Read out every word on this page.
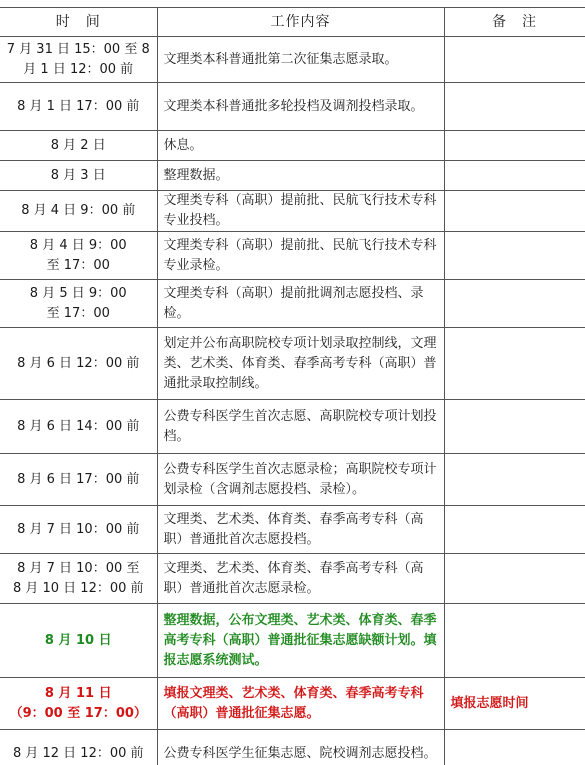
时　间	工作内容	备　注
7 月 31 日 15：00 至 8
月 1 日 12：00 前	文理类本科普通批第二次征集志愿录取。	
8 月 1 日 17：00 前	文理类本科普通批多轮投档及调剂投档录取。	
8 月 2 日	休息。	
8 月 3 日	整理数据。	
8 月 4 日 9：00 前	文理类专科（高职）提前批、民航飞行技术专科专业投档。	
8 月 4 日 9：00
至 17：00	文理类专科（高职）提前批、民航飞行技术专科专业录检。	
8 月 5 日 9：00
至 17：00	文理类专科（高职）提前批调剂志愿投档、录检。	
8 月 6 日 12：00 前	划定并公布高职院校专项计划录取控制线，文理类、艺术类、体育类、春季高考专科（高职）普通批录取控制线。	
8 月 6 日 14：00 前	公费专科医学生首次志愿、高职院校专项计划投档。	
8 月 6 日 17：00 前	公费专科医学生首次志愿录检；高职院校专项计划录检（含调剂志愿投档、录检）。	
8 月 7 日 10：00 前	文理类、艺术类、体育类、春季高考专科（高职）普通批首次志愿投档。	
8 月 7 日 10：00 至
8 月 10 日 12：00 前	文理类、艺术类、体育类、春季高考专科（高职）普通批首次志愿录检。	
8 月 10 日	整理数据，公布文理类、艺术类、体育类、春季高考专科（高职）普通批征集志愿缺额计划。填报志愿系统测试。	
8 月 11 日
（9：00 至 17：00）	填报文理类、艺术类、体育类、春季高考专科（高职）普通批征集志愿。	填报志愿时间
8 月 12 日 12：00 前	公费专科医学生征集志愿、院校调剂志愿投档。	
